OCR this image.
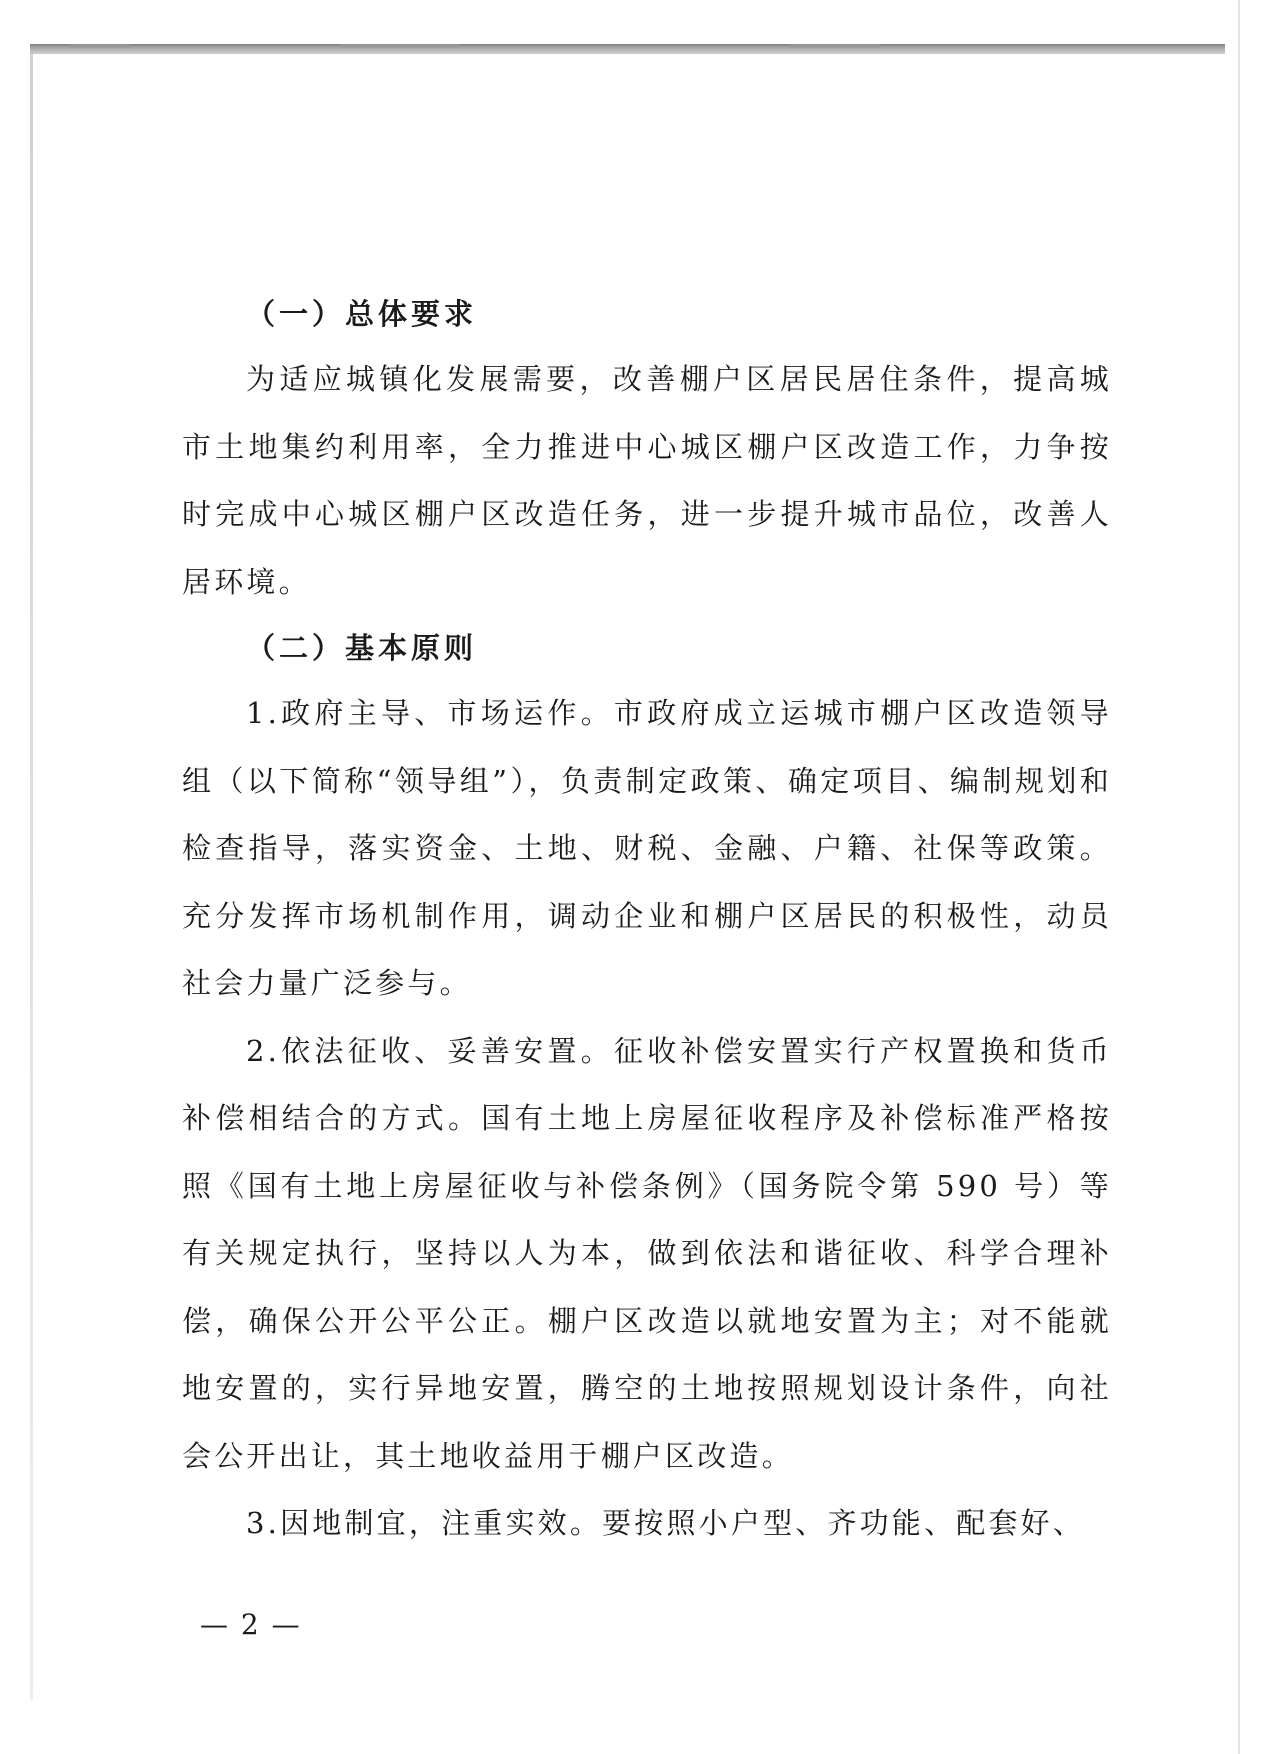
（一）总体要求

为适应城镇化发展需要，改善棚户区居民居住条件，提高城市土地集约利用率，全力推进中心城区棚户区改造工作，力争按时完成中心城区棚户区改造任务，进一步提升城市品位，改善人居环境。

（二）基本原则

1.政府主导、市场运作。市政府成立运城市棚户区改造领导组（以下简称“领导组”），负责制定政策、确定项目、编制规划和检查指导，落实资金、土地、财税、金融、户籍、社保等政策。充分发挥市场机制作用，调动企业和棚户区居民的积极性，动员社会力量广泛参与。

2.依法征收、妥善安置。征收补偿安置实行产权置换和货币补偿相结合的方式。国有土地上房屋征收程序及补偿标准严格按照《国有土地上房屋征收与补偿条例》（国务院令第 590 号）等有关规定执行，坚持以人为本，做到依法和谐征收、科学合理补偿，确保公开公平公正。棚户区改造以就地安置为主；对不能就地安置的，实行异地安置，腾空的土地按照规划设计条件，向社会公开出让，其土地收益用于棚户区改造。

3.因地制宜，注重实效。要按照小户型、齐功能、配套好、

— 2 —
